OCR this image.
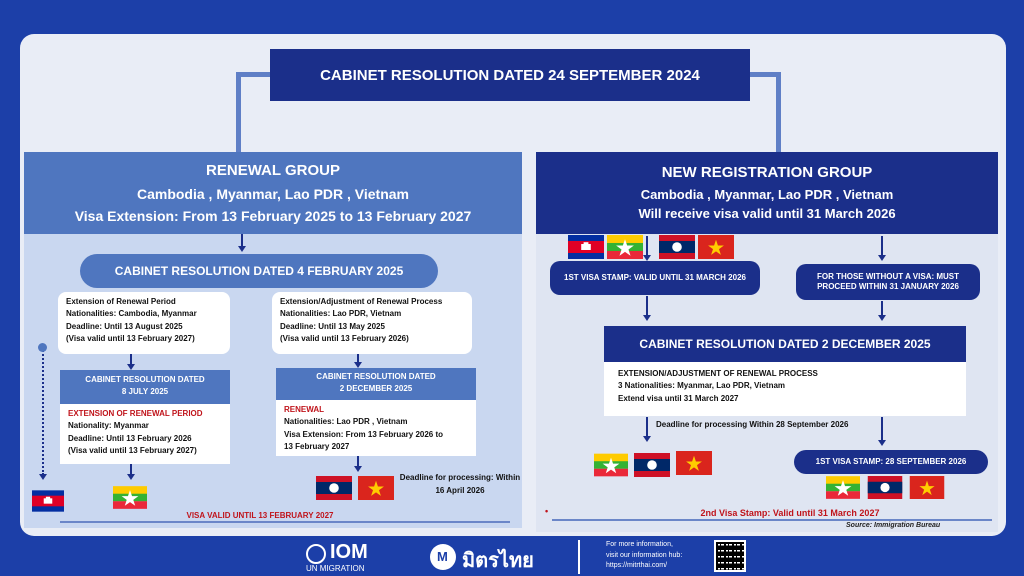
CABINET RESOLUTION DATED 24 SEPTEMBER 2024
RENEWAL GROUP
Cambodia , Myanmar, Lao PDR , Vietnam
Visa Extension: From 13 February 2025 to 13 February 2027
CABINET RESOLUTION DATED 4 FEBRUARY 2025
Extension of Renewal Period
Nationalities: Cambodia, Myanmar
Deadline: Until 13 August 2025
(Visa valid until 13 February 2027)
Extension/Adjustment of Renewal Process
Nationalities: Lao PDR, Vietnam
Deadline: Until 13 May 2025
(Visa valid until 13 February 2026)
CABINET RESOLUTION DATED
8 JULY 2025
EXTENSION OF RENEWAL PERIOD
Nationality: Myanmar
Deadline: Until 13 February 2026
(Visa valid until 13 February 2027)
CABINET RESOLUTION DATED
2 DECEMBER 2025
RENEWAL
Nationalities: Lao PDR , Vietnam
Visa Extension: From 13 February 2026 to
13 February 2027
Deadline for processing: Within
16 April 2026
VISA VALID UNTIL 13 FEBRUARY 2027
NEW REGISTRATION GROUP
Cambodia , Myanmar, Lao PDR , Vietnam
Will receive visa valid until 31 March 2026
1ST VISA STAMP: VALID UNTIL 31 MARCH 2026	FOR THOSE WITHOUT A VISA: MUST
PROCEED WITHIN 31 JANUARY 2026
CABINET RESOLUTION DATED 2 DECEMBER 2025
EXTENSION/ADJUSTMENT OF RENEWAL PROCESS
3 Nationalities: Myanmar, Lao PDR, Vietnam
Extend visa until 31 March 2027
Deadline for processing Within 28 September 2026
1ST VISA STAMP: 28 SEPTEMBER 2026
•	2nd Visa Stamp: Valid until 31 March 2027
Source: Immigration Bureau
IOM
UN MIGRATION
M มิตรไทย
For more information,
visit our information hub:
https://mitrthai.com/
